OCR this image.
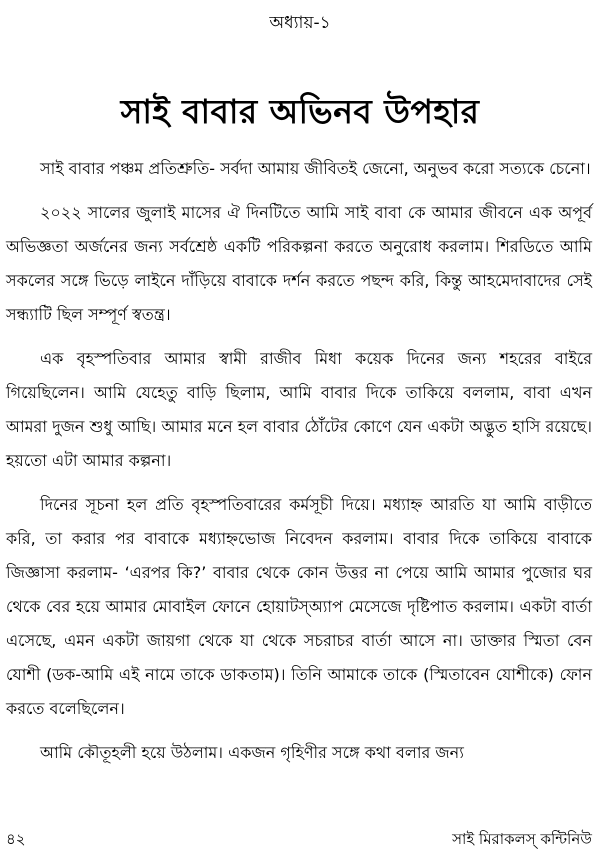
অধ্যায়-১
সাই বাবার অভিনব উপহার

সাই বাবার পঞ্চম প্রতিশ্রুতি- সর্বদা আমায় জীবিতই জেনো, অনুভব করো সত্যকে চেনো।

২০২২ সালের জুলাই মাসের ঐ দিনটিতে আমি সাই বাবা কে আমার জীবনে এক অপূর্ব অভিজ্ঞতা অর্জনের জন্য সর্বশ্রেষ্ঠ একটি পরিকল্পনা করতে অনুরোধ করলাম। শিরডিতে আমি সকলের সঙ্গে ভিড়ে লাইনে দাঁড়িয়ে বাবাকে দর্শন করতে পছন্দ করি, কিন্তু আহমেদাবাদের সেই সন্ধ্যাটি ছিল সম্পূর্ণ স্বতন্ত্র।

এক বৃহস্পতিবার আমার স্বামী রাজীব মিধা কয়েক দিনের জন্য শহরের বাইরে গিয়েছিলেন। আমি যেহেতু বাড়ি ছিলাম, আমি বাবার দিকে তাকিয়ে বললাম, বাবা এখন আমরা দুজন শুধু আছি। আমার মনে হল বাবার ঠোঁটের কোণে যেন একটা অদ্ভুত হাসি রয়েছে। হয়তো এটা আমার কল্পনা।

দিনের সূচনা হল প্রতি বৃহস্পতিবারের কর্মসূচী দিয়ে। মধ্যাহ্ন আরতি যা আমি বাড়ীতে করি, তা করার পর বাবাকে মধ্যাহ্নভোজ নিবেদন করলাম। বাবার দিকে তাকিয়ে বাবাকে জিজ্ঞাসা করলাম- ‘এরপর কি?’ বাবার থেকে কোন উত্তর না পেয়ে আমি আমার পুজোর ঘর থেকে বের হয়ে আমার মোবাইল ফোনে হোয়াটস্অ্যাপ মেসেজে দৃষ্টিপাত করলাম। একটা বার্তা এসেছে, এমন একটা জায়গা থেকে যা থেকে সচরাচর বার্তা আসে না। ডাক্তার স্মিতা বেন যোশী (ডক-আমি এই নামে তাকে ডাকতাম)। তিনি আমাকে তাকে (স্মিতাবেন যোশীকে) ফোন করতে বলেছিলেন।

আমি কৌতূহলী হয়ে উঠলাম। একজন গৃহিণীর সঙ্গে কথা বলার জন্য

৪২	সাই মিরাকলস্ কন্টিনিউ
